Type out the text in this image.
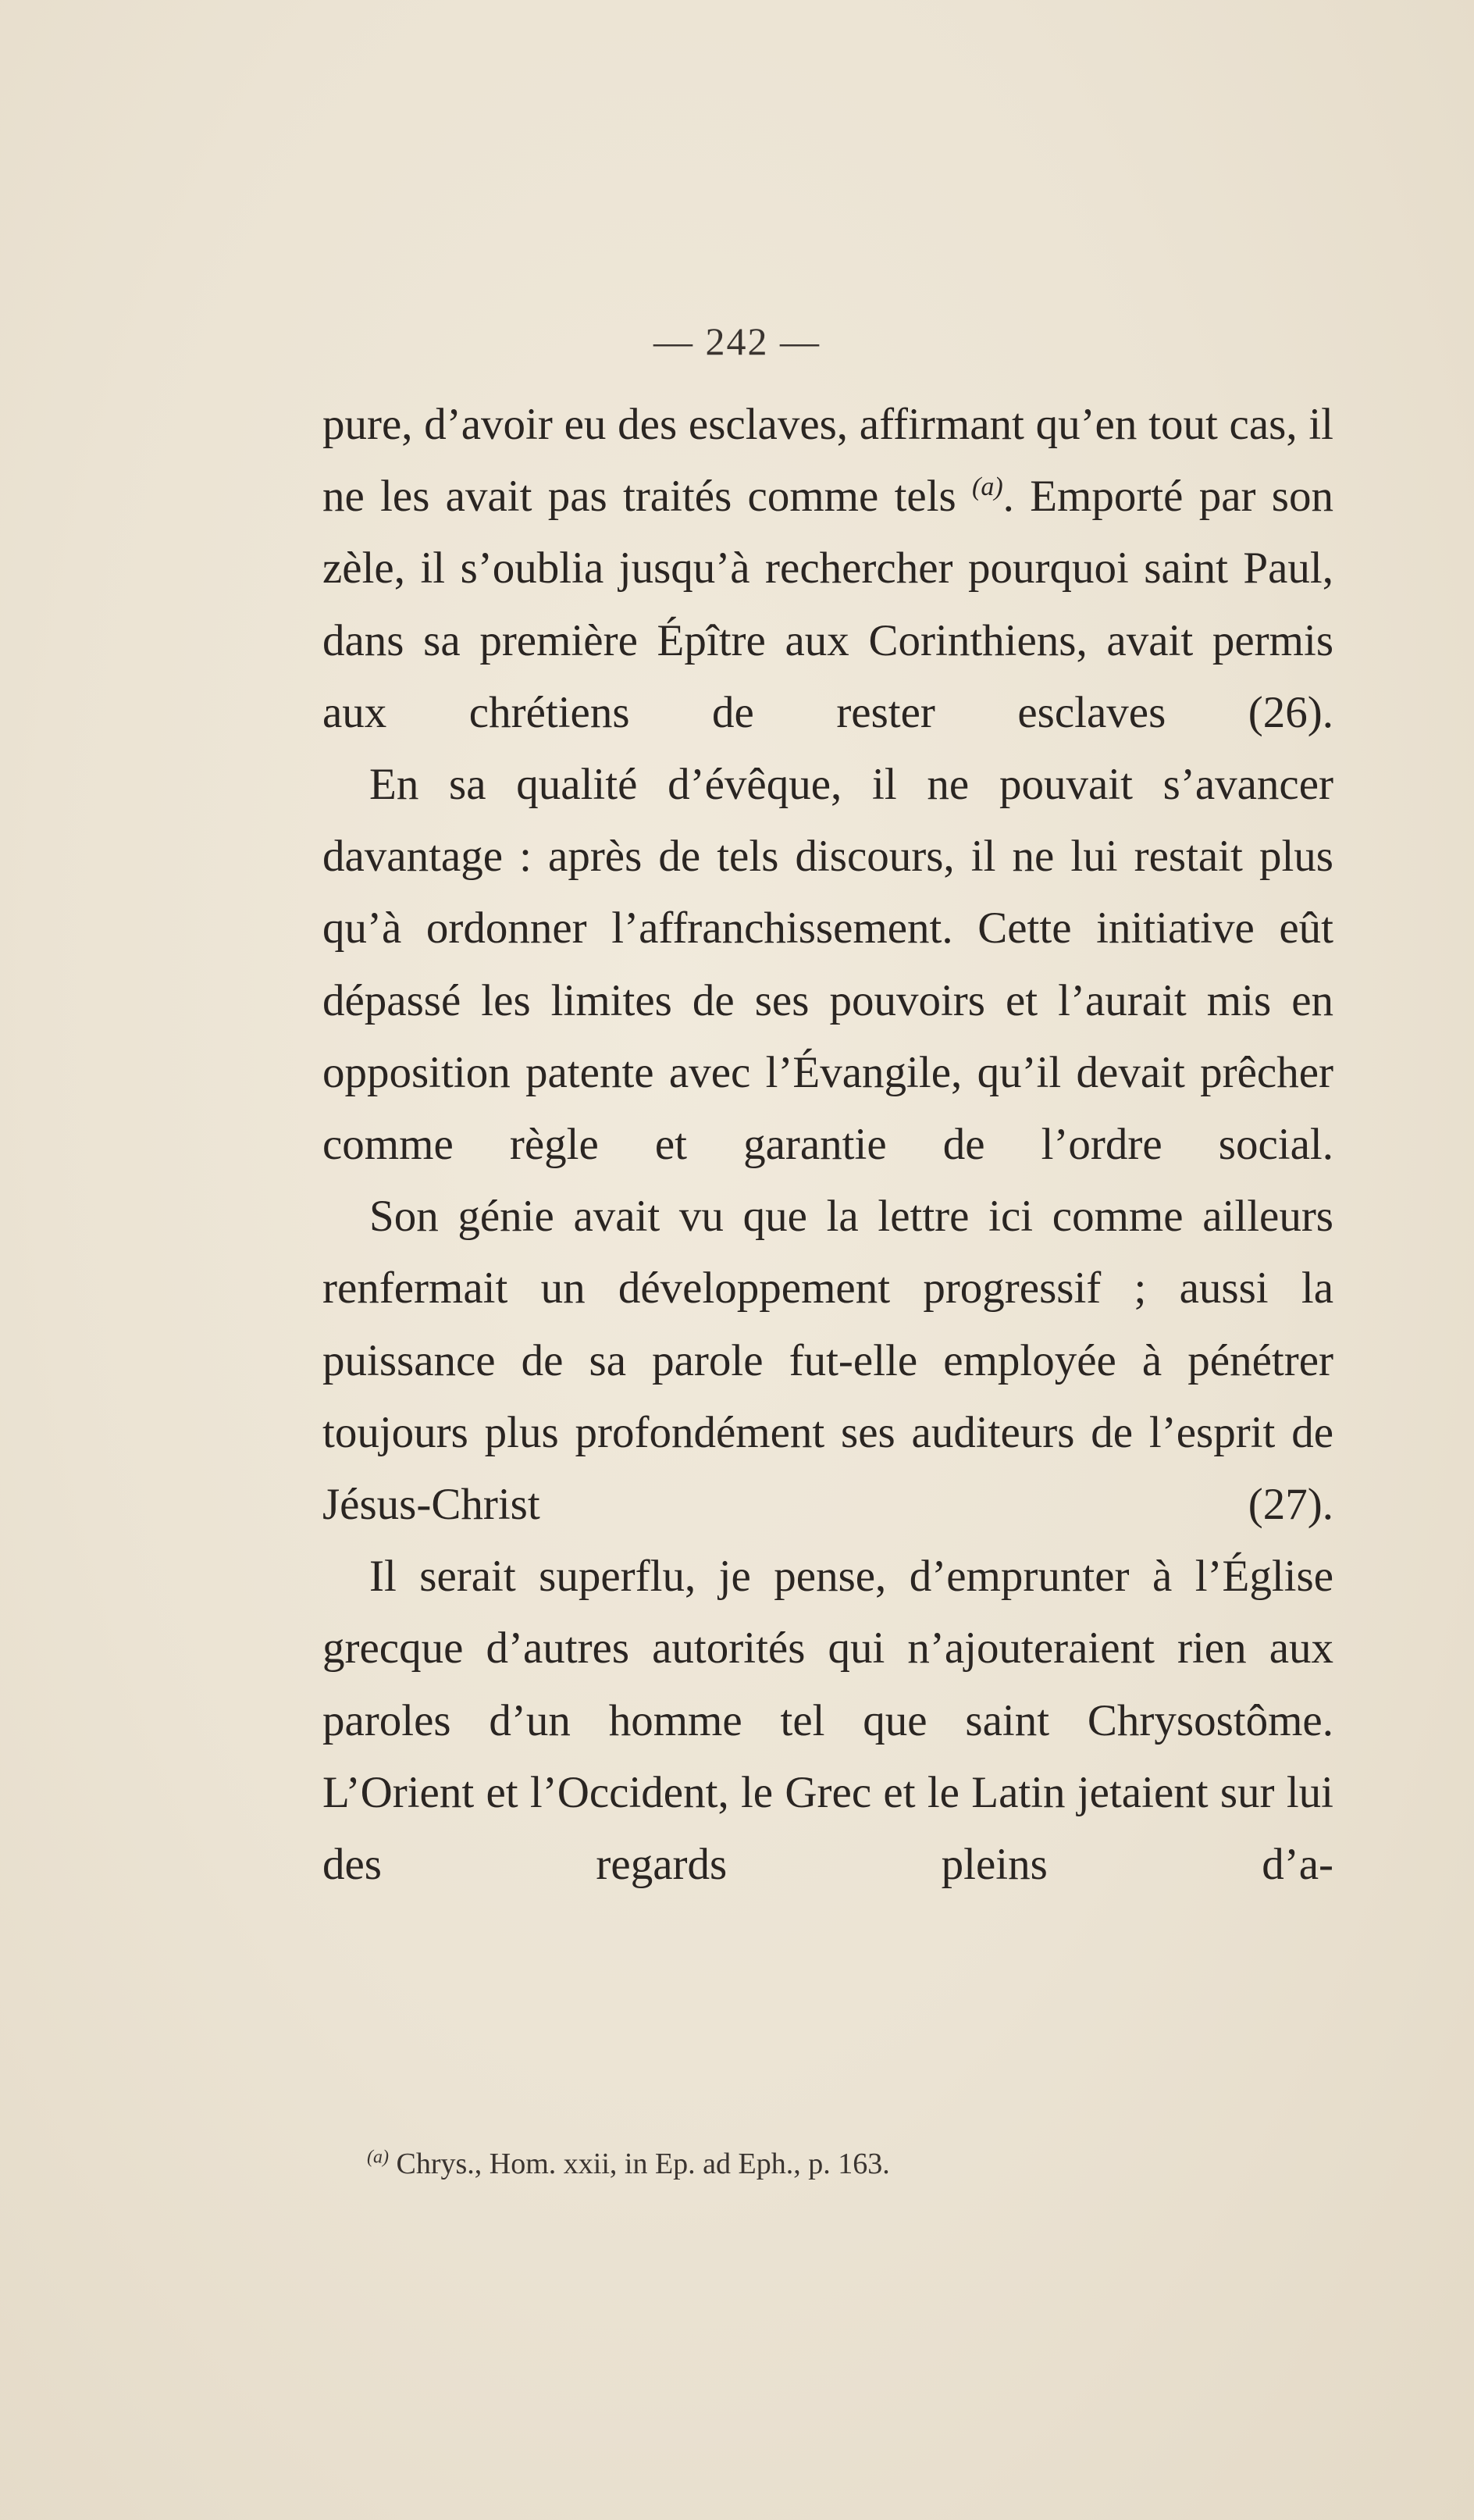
— 242 —

pure, d’avoir eu des esclaves, affirmant qu’en tout cas, il ne les avait pas traités comme tels $^{(a)}$. Emporté par son zèle, il s’oublia jusqu’à rechercher pourquoi saint Paul, dans sa première Épître aux Corinthiens, avait permis aux chrétiens de rester esclaves (26).

En sa qualité d’évêque, il ne pouvait s’avancer davantage : après de tels discours, il ne lui restait plus qu’à ordonner l’affranchissement. Cette initiative eût dépassé les limites de ses pouvoirs et l’aurait mis en opposition patente avec l’Évangile, qu’il devait prêcher comme règle et garantie de l’ordre social.

Son génie avait vu que la lettre ici comme ailleurs renfermait un développement progressif ; aussi la puissance de sa parole fut-elle employée à pénétrer toujours plus profondément ses auditeurs de l’esprit de Jésus-Christ (27).

Il serait superflu, je pense, d’emprunter à l’Église grecque d’autres autorités qui n’ajouteraient rien aux paroles d’un homme tel que saint Chrysostôme. L’Orient et l’Occident, le Grec et le Latin jetaient sur lui des regards pleins d’a-

$^{(a)}$ Chrys., Hom. xxii, in Ep. ad Eph., p. 163.
